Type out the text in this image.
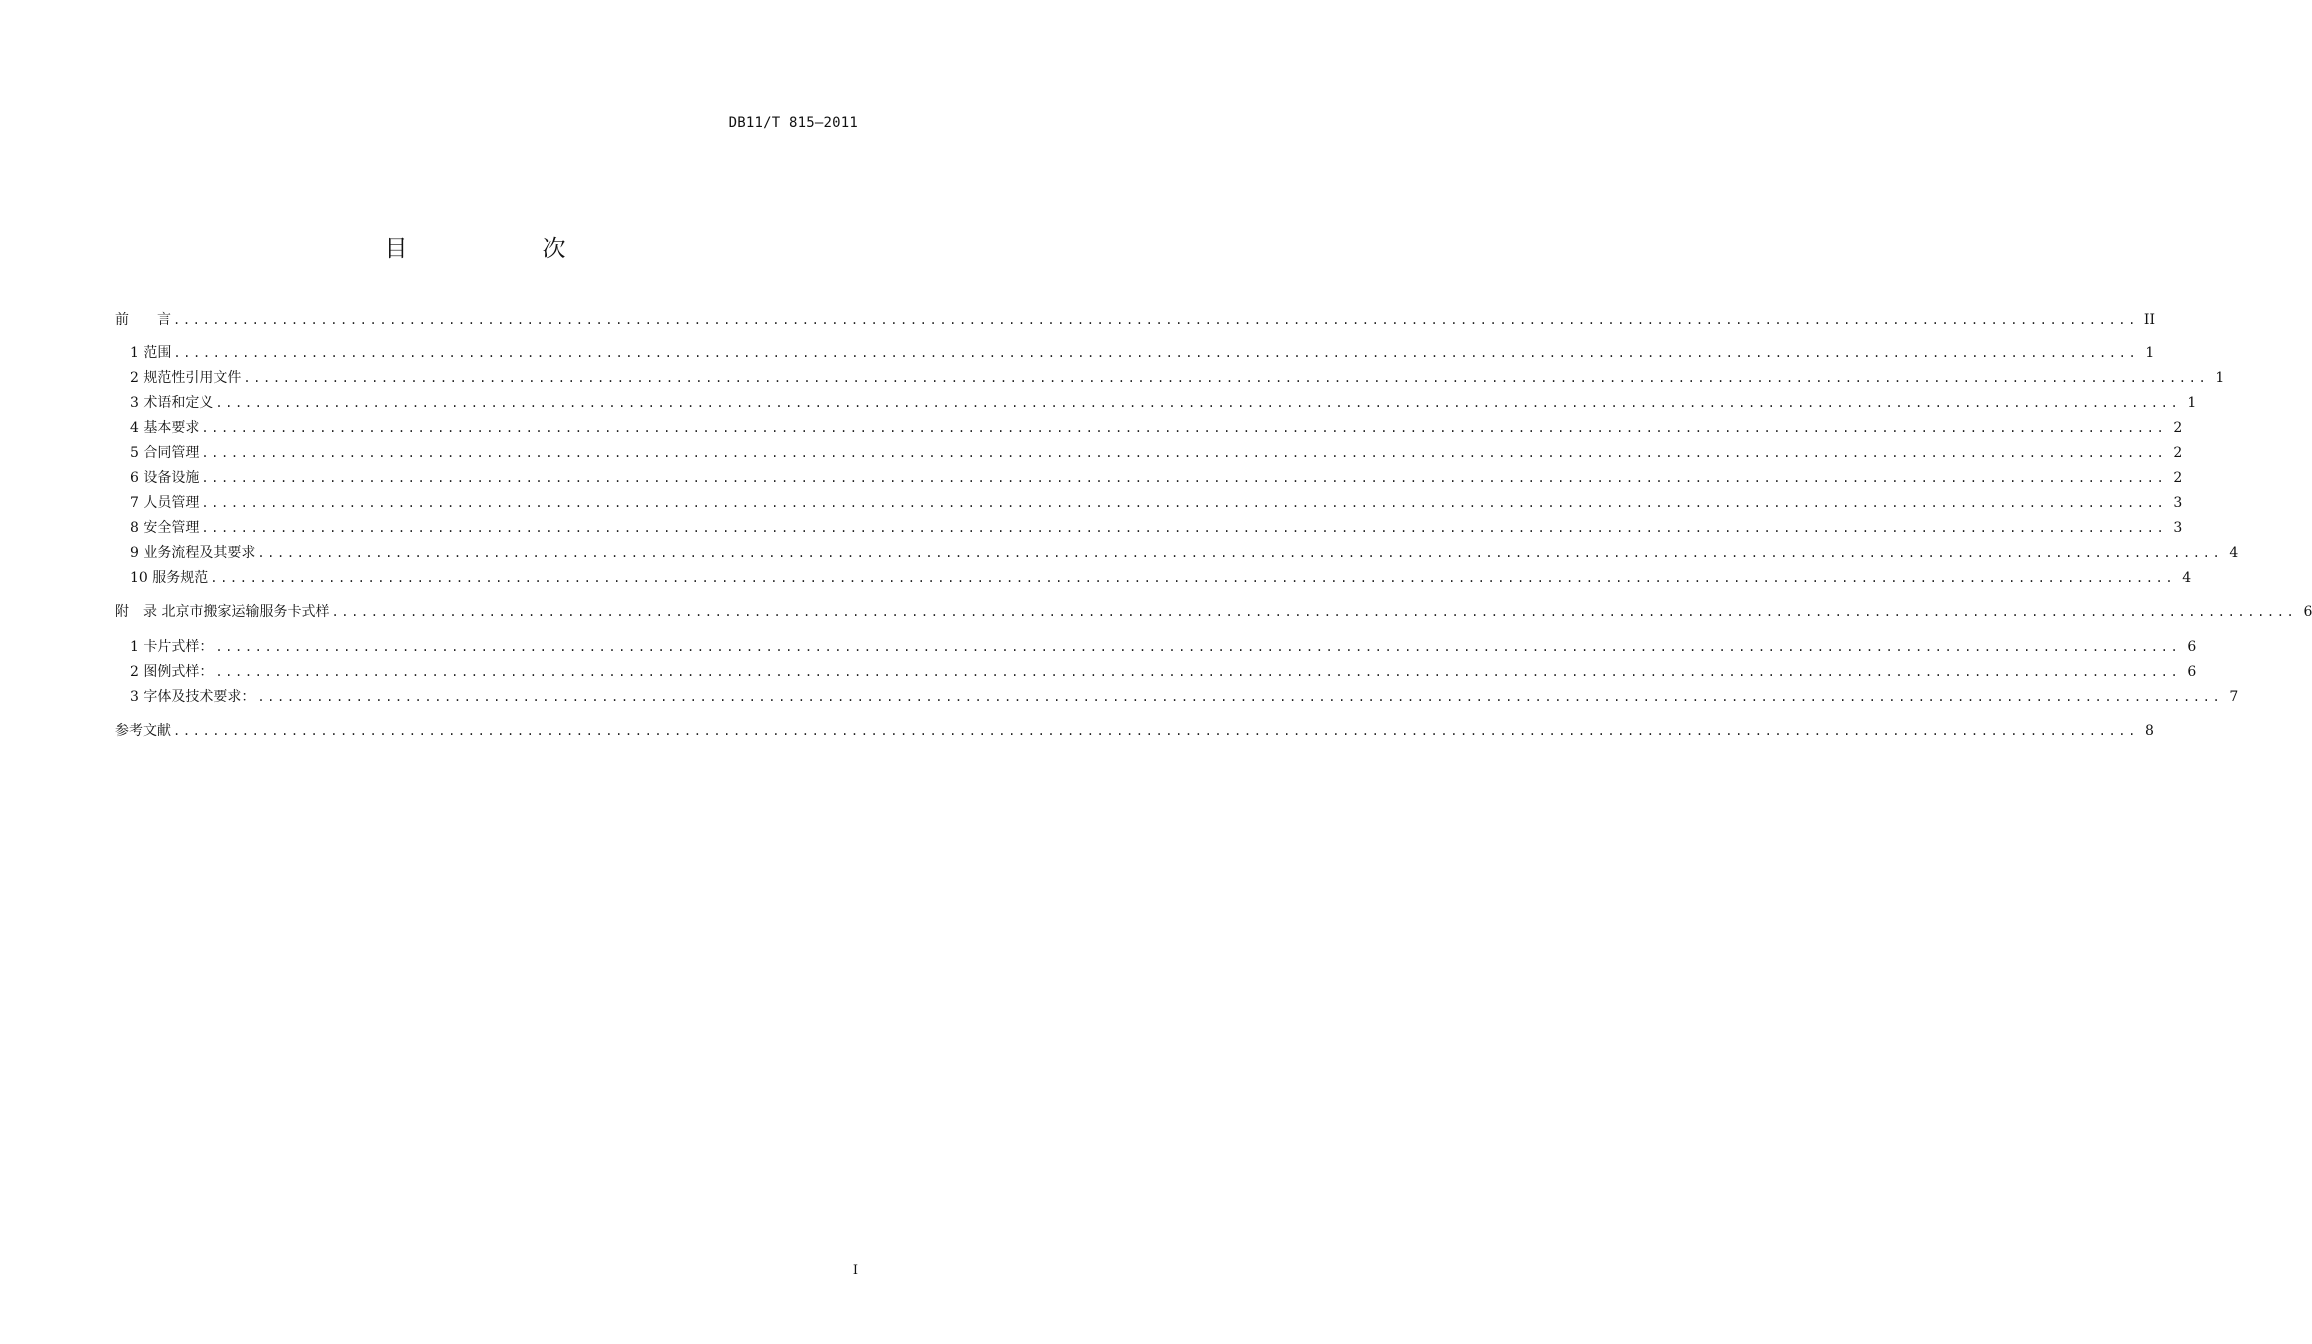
DB11/T 815—2011
目　次
前　　言 ........................................................................................................................................................................................................ II
1 范围 ........................................................................................................................................................................................................ 1
2 规范性引用文件 ........................................................................................................................................................................................................ 1
3 术语和定义 ........................................................................................................................................................................................................ 1
4 基本要求 ........................................................................................................................................................................................................ 2
5 合同管理 ........................................................................................................................................................................................................ 2
6 设备设施 ........................................................................................................................................................................................................ 2
7 人员管理 ........................................................................................................................................................................................................ 3
8 安全管理 ........................................................................................................................................................................................................ 3
9 业务流程及其要求 ........................................................................................................................................................................................................ 4
10 服务规范 ........................................................................................................................................................................................................ 4
附　录 北京市搬家运输服务卡式样 ........................................................................................................................................................................................................ 6
1 卡片式样： ........................................................................................................................................................................................................ 6
2 图例式样： ........................................................................................................................................................................................................ 6
3 字体及技术要求： ........................................................................................................................................................................................................ 7
参考文献 ........................................................................................................................................................................................................ 8
I
